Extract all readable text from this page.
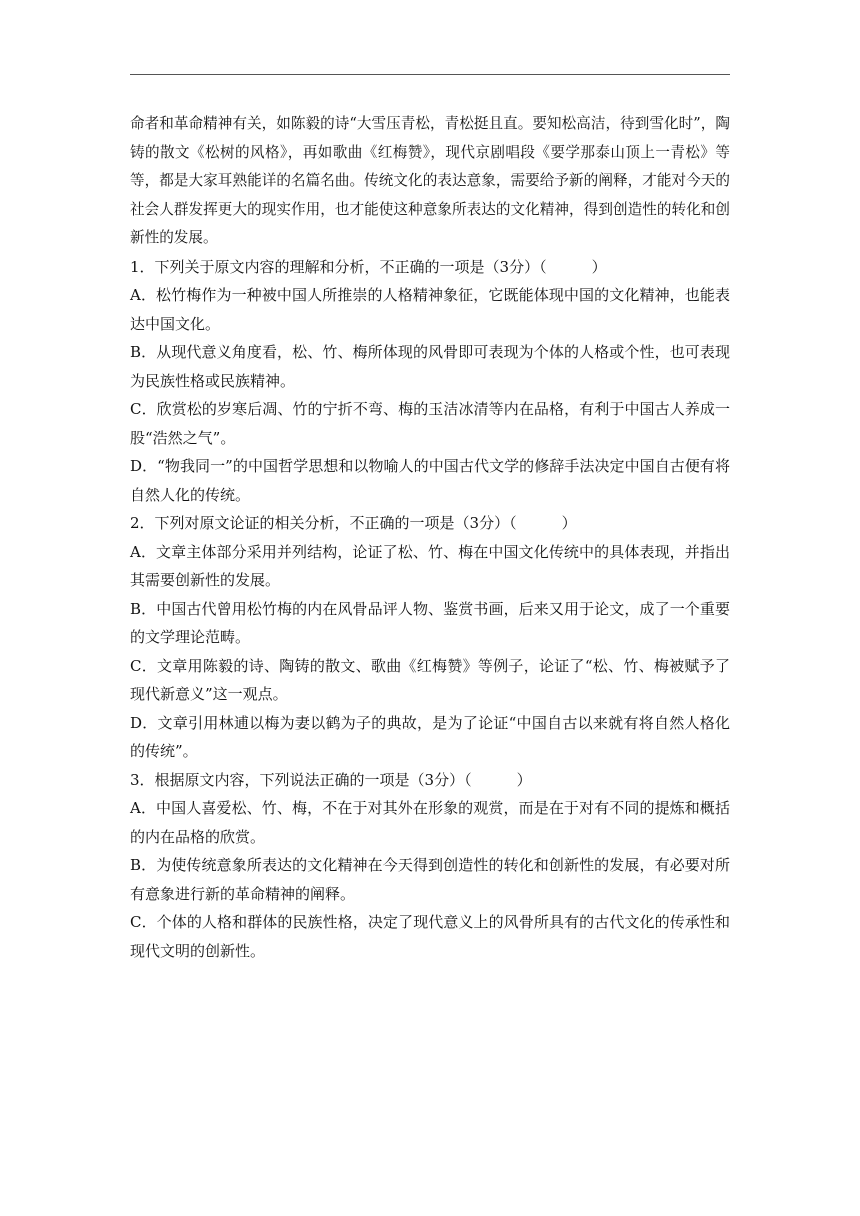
命者和革命精神有关，如陈毅的诗“大雪压青松，青松挺且直。要知松高洁，待到雪化时”，陶铸的散文《松树的风格》，再如歌曲《红梅赞》，现代京剧唱段《要学那泰山顶上一青松》等等，都是大家耳熟能详的名篇名曲。传统文化的表达意象，需要给予新的阐释，才能对今天的社会人群发挥更大的现实作用，也才能使这种意象所表达的文化精神，得到创造性的转化和创新性的发展。

1．下列关于原文内容的理解和分析，不正确的一项是（3分）（　　　）

A．松竹梅作为一种被中国人所推崇的人格精神象征，它既能体现中国的文化精神，也能表达中国文化。

B．从现代意义角度看，松、竹、梅所体现的风骨即可表现为个体的人格或个性，也可表现为民族性格或民族精神。

C．欣赏松的岁寒后凋、竹的宁折不弯、梅的玉洁冰清等内在品格，有利于中国古人养成一股“浩然之气”。

D．“物我同一”的中国哲学思想和以物喻人的中国古代文学的修辞手法决定中国自古便有将自然人化的传统。

2．下列对原文论证的相关分析，不正确的一项是（3分）（　　　）

A．文章主体部分采用并列结构，论证了松、竹、梅在中国文化传统中的具体表现，并指出其需要创新性的发展。

B．中国古代曾用松竹梅的内在风骨品评人物、鉴赏书画，后来又用于论文，成了一个重要的文学理论范畴。

C．文章用陈毅的诗、陶铸的散文、歌曲《红梅赞》等例子，论证了“松、竹、梅被赋予了现代新意义”这一观点。

D．文章引用林逋以梅为妻以鹤为子的典故，是为了论证“中国自古以来就有将自然人格化的传统”。

3．根据原文内容，下列说法正确的一项是（3分）（　　　）

A．中国人喜爱松、竹、梅，不在于对其外在形象的观赏，而是在于对有不同的提炼和概括的内在品格的欣赏。

B．为使传统意象所表达的文化精神在今天得到创造性的转化和创新性的发展，有必要对所有意象进行新的革命精神的阐释。

C．个体的人格和群体的民族性格，决定了现代意义上的风骨所具有的古代文化的传承性和现代文明的创新性。
